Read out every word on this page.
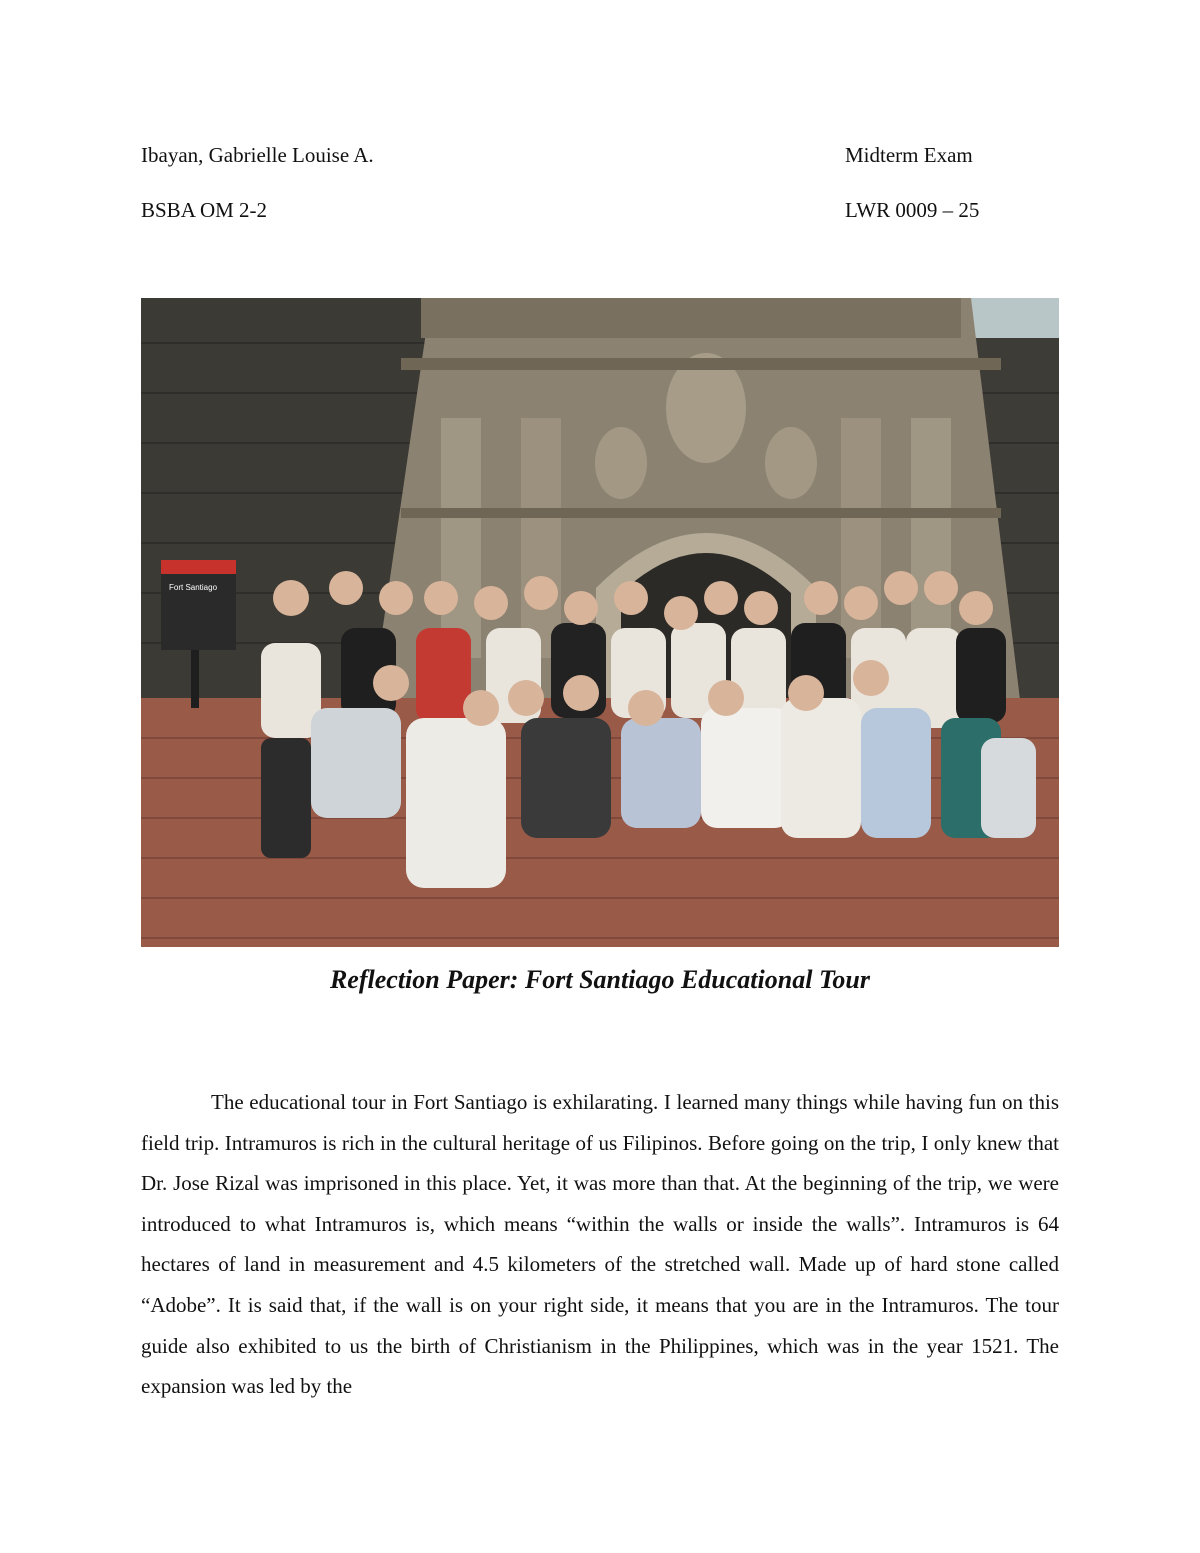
Ibayan, Gabrielle Louise A.	Midterm Exam
BSBA OM 2-2	LWR 0009 – 25
Fort Santiago
Reflection Paper: Fort Santiago Educational Tour

The educational tour in Fort Santiago is exhilarating. I learned many things while having fun on this field trip. Intramuros is rich in the cultural heritage of us Filipinos. Before going on the trip, I only knew that Dr. Jose Rizal was imprisoned in this place. Yet, it was more than that. At the beginning of the trip, we were introduced to what Intramuros is, which means “within the walls or inside the walls”. Intramuros is 64 hectares of land in measurement and 4.5 kilometers of the stretched wall. Made up of hard stone called “Adobe”. It is said that, if the wall is on your right side, it means that you are in the Intramuros. The tour guide also exhibited to us the birth of Christianism in the Philippines, which was in the year 1521. The expansion was led by the
